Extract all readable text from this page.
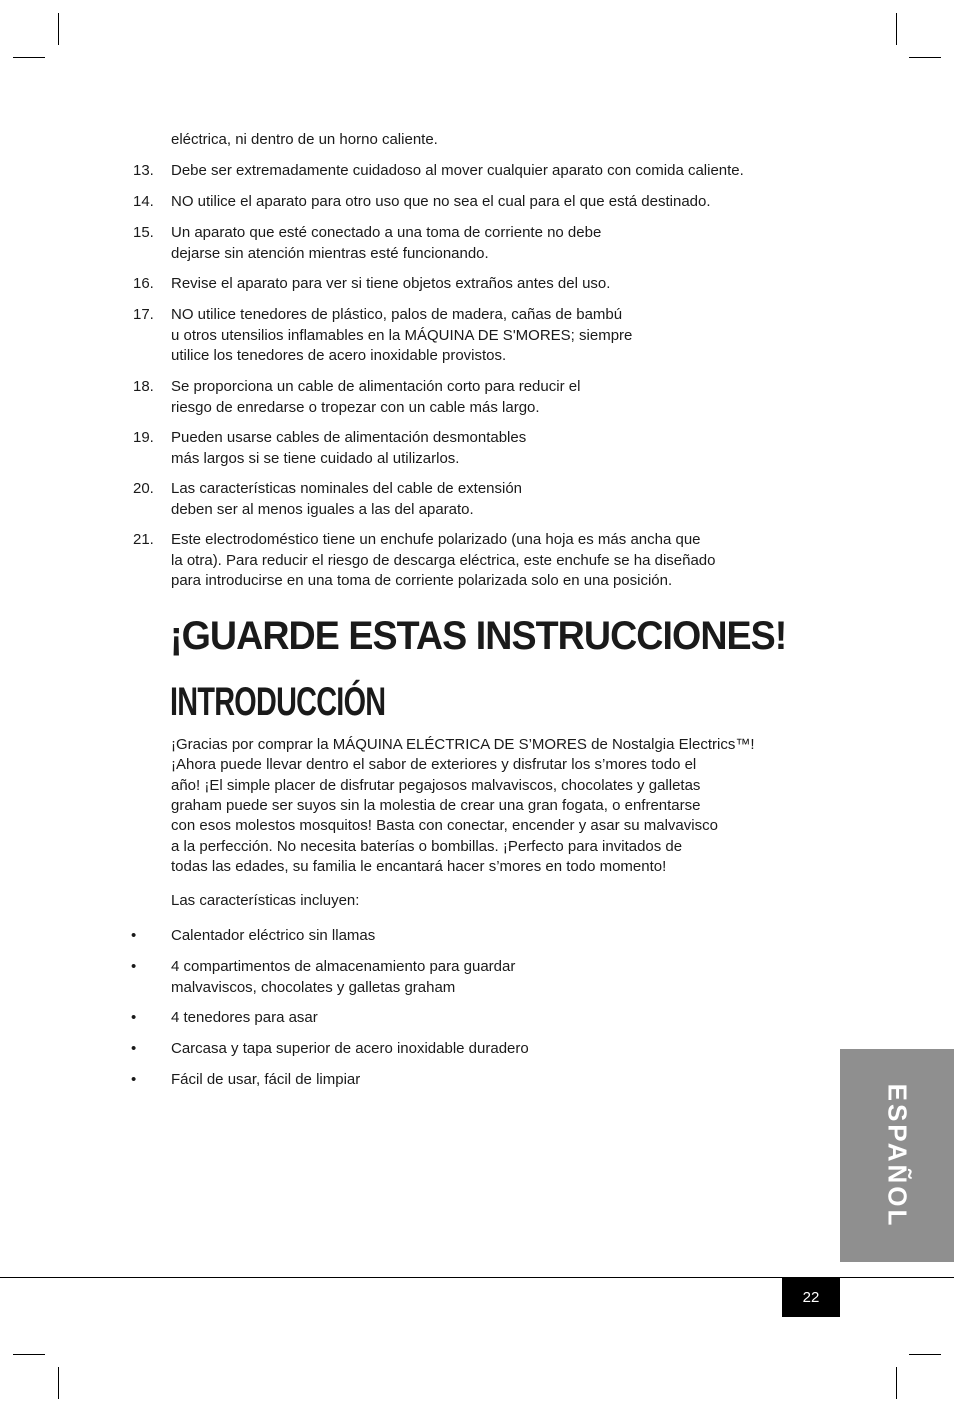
eléctrica, ni dentro de un horno caliente.
13. Debe ser extremadamente cuidadoso al mover cualquier aparato con comida caliente.
14. NO utilice el aparato para otro uso que no sea el cual para el que está destinado.
15. Un aparato que esté conectado a una toma de corriente no debe
dejarse sin atención mientras esté funcionando.
16. Revise el aparato para ver si tiene objetos extraños antes del uso.
17. NO utilice tenedores de plástico, palos de madera, cañas de bambú
u otros utensilios inflamables en la MÁQUINA DE S'MORES; siempre
utilice los tenedores de acero inoxidable provistos.
18. Se proporciona un cable de alimentación corto para reducir el
riesgo de enredarse o tropezar con un cable más largo.
19. Pueden usarse cables de alimentación desmontables
más largos si se tiene cuidado al utilizarlos.
20. Las características nominales del cable de extensión
deben ser al menos iguales a las del aparato.
21. Este electrodoméstico tiene un enchufe polarizado (una hoja es más ancha que
la otra). Para reducir el riesgo de descarga eléctrica, este enchufe se ha diseñado
para introducirse en una toma de corriente polarizada solo en una posición.
¡Gracias por comprar la MÁQUINA ELÉCTRICA DE S’MORES de Nostalgia Electrics™!
¡Ahora puede llevar dentro el sabor de exteriores y disfrutar los s’mores todo el
año! ¡El simple placer de disfrutar pegajosos malvaviscos, chocolates y galletas
graham puede ser suyos sin la molestia de crear una gran fogata, o enfrentarse
con esos molestos mosquitos! Basta con conectar, encender y asar su malvavisco
a la perfección. No necesita baterías o bombillas. ¡Perfecto para invitados de
todas las edades, su familia le encantará hacer s’mores en todo momento!
• Calentador eléctrico sin llamas
• 4 compartimentos de almacenamiento para guardar
malvaviscos, chocolates y galletas graham
• 4 tenedores para asar
• Carcasa y tapa superior de acero inoxidable duradero
• Fácil de usar, fácil de limpiar
¡GUARDE ESTAS INSTRUCCIONES!
INTRODUCCIÓN
Las características incluyen:
ESPAÑOL
22
